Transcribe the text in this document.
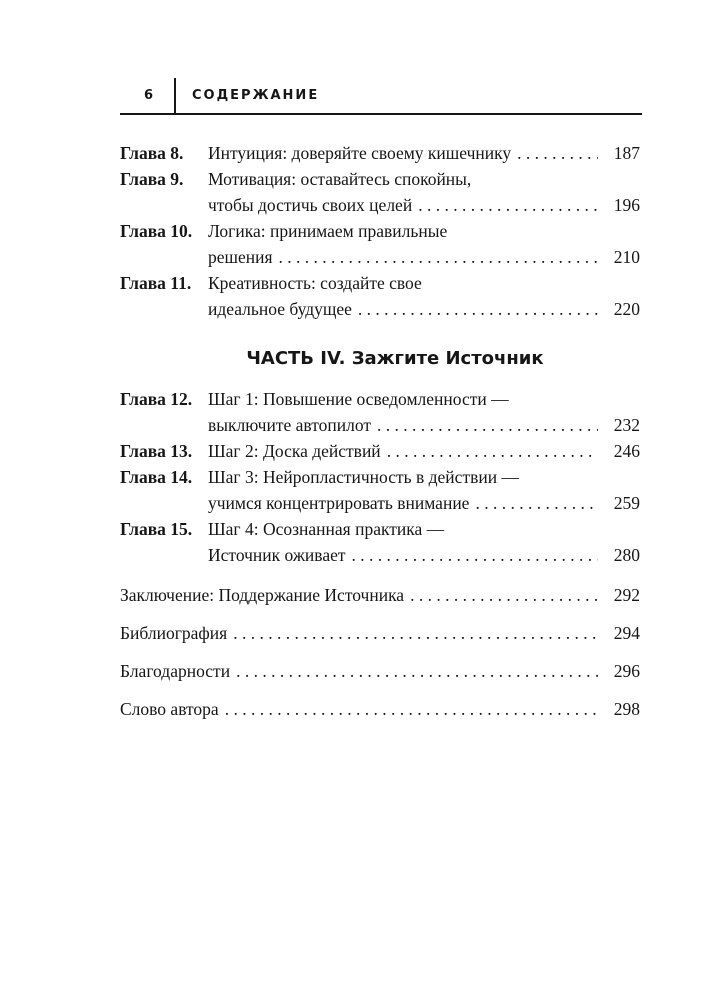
6	СОДЕРЖАНИЕ
Глава 8. Интуиция: доверяйте своему кишечнику . . .	187
Глава 9. Мотивация: оставайтесь спокойны,
чтобы достичь своих целей . . .	196
Глава 10. Логика: принимаем правильные
решения . . .	210
Глава 11. Креативность: создайте свое
идеальное будущее . . .	220
ЧАСТЬ IV. Зажгите Источник
Глава 12. Шаг 1: Повышение осведомленности —
выключите автопилот . . .	232
Глава 13. Шаг 2: Доска действий . . .	246
Глава 14. Шаг 3: Нейропластичность в действии —
учимся концентрировать внимание . . .	259
Глава 15. Шаг 4: Осознанная практика —
Источник оживает . . .	280
Заключение: Поддержание Источника . . .	292
Библиография . . .	294
Благодарности . . .	296
Слово автора . . .	298
